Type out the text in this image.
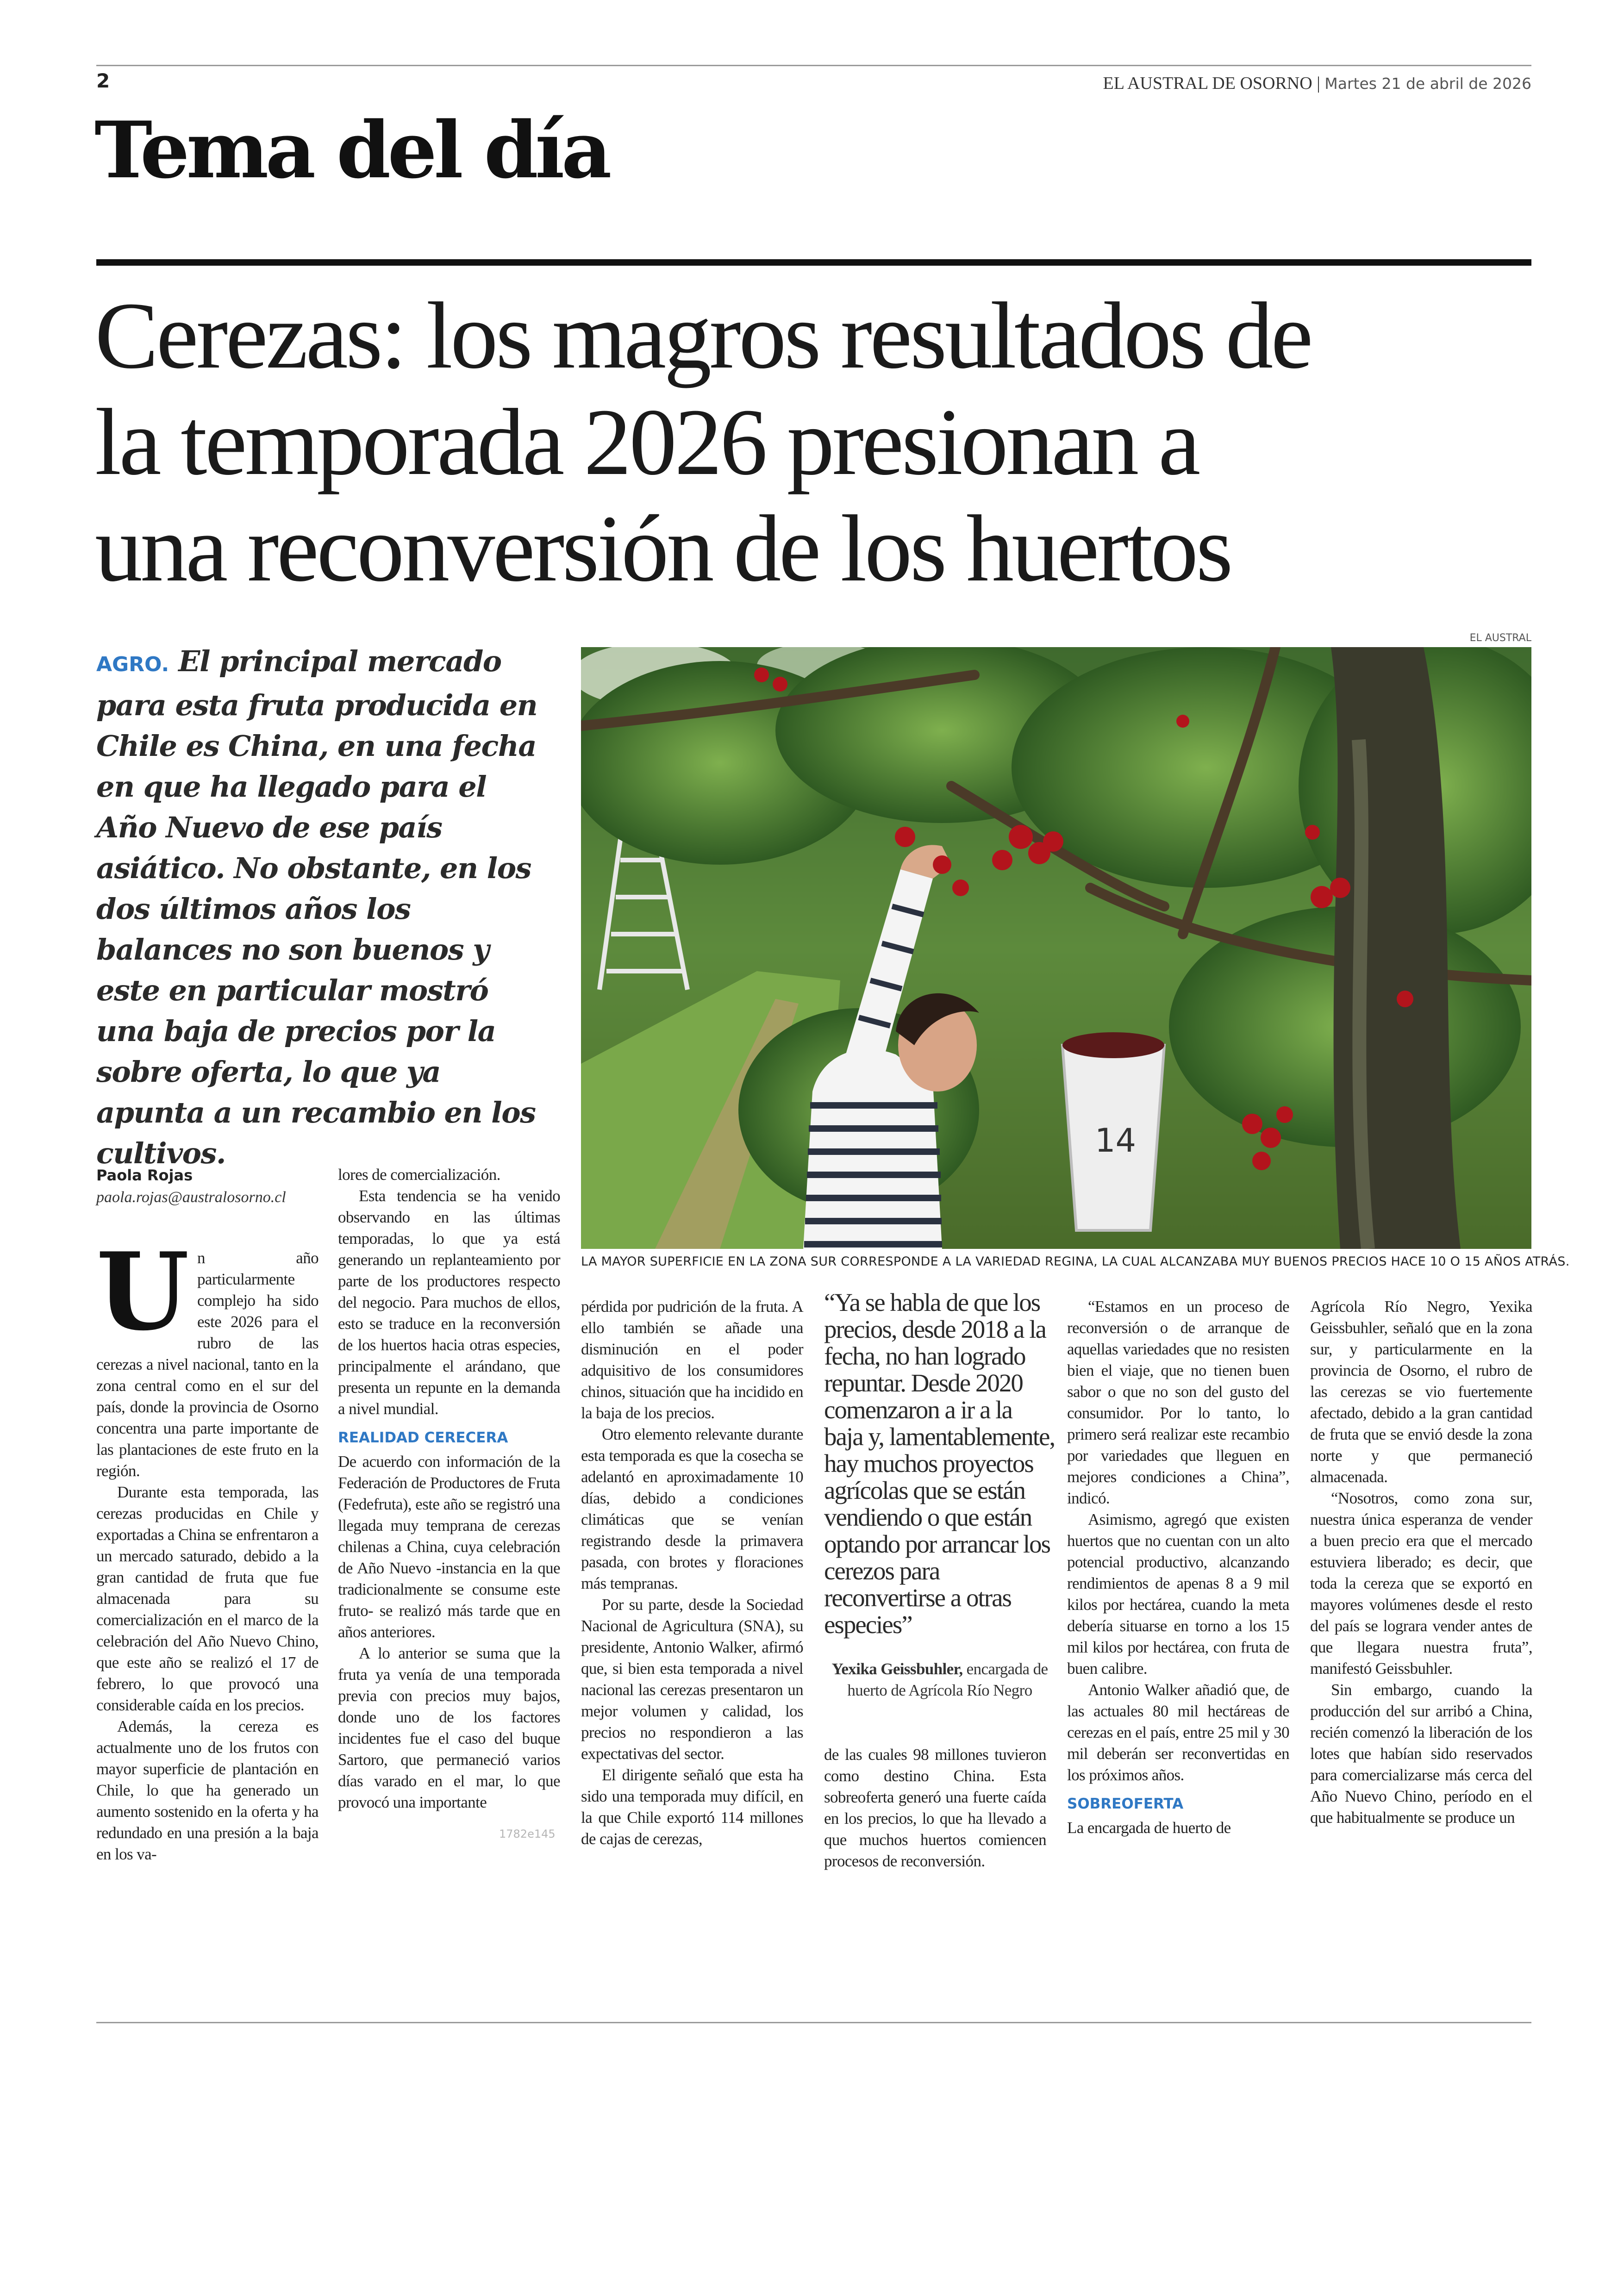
2	EL AUSTRAL DE OSORNO | Martes 21 de abril de 2026
Tema del día
Cerezas: los magros resultados de
la temporada 2026 presionan a
una reconversión de los huertos

AGRO. El principal mercado para esta fruta producida en Chile es China, en una fecha en que ha llegado para el Año Nuevo de ese país asiático. No obstante, en los dos últimos años los balances no son buenos y este en particular mostró una baja de precios por la sobre oferta, lo que ya apunta a un recambio en los cultivos.

EL AUSTRAL
14
LA MAYOR SUPERFICIE EN LA ZONA SUR CORRESPONDE A LA VARIEDAD REGINA, LA CUAL ALCANZABA MUY BUENOS PRECIOS HACE 10 O 15 AÑOS ATRÁS.
Paola Rojas
paola.rojas@australosorno.cl
U n año particularmente complejo ha sido este 2026 para el rubro de las cerezas a nivel nacional, tanto en la zona central como en el sur del país, donde la provincia de Osorno concentra una parte importante de las plantaciones de este fruto en la región.

Durante esta temporada, las cerezas producidas en Chile y exportadas a China se enfrentaron a un mercado saturado, debido a la gran cantidad de fruta que fue almacenada para su comercialización en el marco de la celebración del Año Nuevo Chino, que este año se realizó el 17 de febrero, lo que provocó una considerable caída en los precios.

Además, la cereza es actualmente uno de los frutos con mayor superficie de plantación en Chile, lo que ha generado un aumento sostenido en la oferta y ha redundado en una presión a la baja en los va-

lores de comercialización.

Esta tendencia se ha venido observando en las últimas temporadas, lo que ya está generando un replanteamiento por parte de los productores respecto del negocio. Para muchos de ellos, esto se traduce en la reconversión de los huertos hacia otras especies, principalmente el arándano, que presenta un repunte en la demanda a nivel mundial.

REALIDAD CERECERA

De acuerdo con información de la Federación de Productores de Fruta (Fedefruta), este año se registró una llegada muy temprana de cerezas chilenas a China, cuya celebración de Año Nuevo -instancia en la que tradicionalmente se consume este fruto- se realizó más tarde que en años anteriores.

A lo anterior se suma que la fruta ya venía de una temporada previa con precios muy bajos, donde uno de los factores incidentes fue el caso del buque Sartoro, que permaneció varios días varado en el mar, lo que provocó una importante

pérdida por pudrición de la fruta. A ello también se añade una disminución en el poder adquisitivo de los consumidores chinos, situación que ha incidido en la baja de los precios.

Otro elemento relevante durante esta temporada es que la cosecha se adelantó en aproximadamente 10 días, debido a condiciones climáticas que se venían registrando desde la primavera pasada, con brotes y floraciones más tempranas.

Por su parte, desde la Sociedad Nacional de Agricultura (SNA), su presidente, Antonio Walker, afirmó que, si bien esta temporada a nivel nacional las cerezas presentaron un mejor volumen y calidad, los precios no respondieron a las expectativas del sector.

El dirigente señaló que esta ha sido una temporada muy difícil, en la que Chile exportó 114 millones de cajas de cerezas,

“Ya se habla de que los precios, desde 2018 a la fecha, no han logrado repuntar. Desde 2020 comenzaron a ir a la baja y, lamentablemente, hay muchos proyectos agrícolas que se están vendiendo o que están optando por arrancar los cerezos para reconvertirse a otras especies”
Yexika Geissbuhler, encargada de huerto de Agrícola Río Negro

de las cuales 98 millones tuvieron como destino China. Esta sobreoferta generó una fuerte caída en los precios, lo que ha llevado a que muchos huertos comiencen procesos de reconversión.

“Estamos en un proceso de reconversión o de arranque de aquellas variedades que no resisten bien el viaje, que no tienen buen sabor o que no son del gusto del consumidor. Por lo tanto, lo primero será realizar este recambio por variedades que lleguen en mejores condiciones a China”, indicó.

Asimismo, agregó que existen huertos que no cuentan con un alto potencial productivo, alcanzando rendimientos de apenas 8 a 9 mil kilos por hectárea, cuando la meta debería situarse en torno a los 15 mil kilos por hectárea, con fruta de buen calibre.

Antonio Walker añadió que, de las actuales 80 mil hectáreas de cerezas en el país, entre 25 mil y 30 mil deberán ser reconvertidas en los próximos años.

SOBREOFERTA

La encargada de huerto de

Agrícola Río Negro, Yexika Geissbuhler, señaló que en la zona sur, y particularmente en la provincia de Osorno, el rubro de las cerezas se vio fuertemente afectado, debido a la gran cantidad de fruta que se envió desde la zona norte y que permaneció almacenada.

“Nosotros, como zona sur, nuestra única esperanza de vender a buen precio era que el mercado estuviera liberado; es decir, que toda la cereza que se exportó en mayores volúmenes desde el resto del país se lograra vender antes de que llegara nuestra fruta”, manifestó Geissbuhler.

Sin embargo, cuando la producción del sur arribó a China, recién comenzó la liberación de los lotes que habían sido reservados para comercializarse más cerca del Año Nuevo Chino, período en el que habitualmente se produce un

1782e145
